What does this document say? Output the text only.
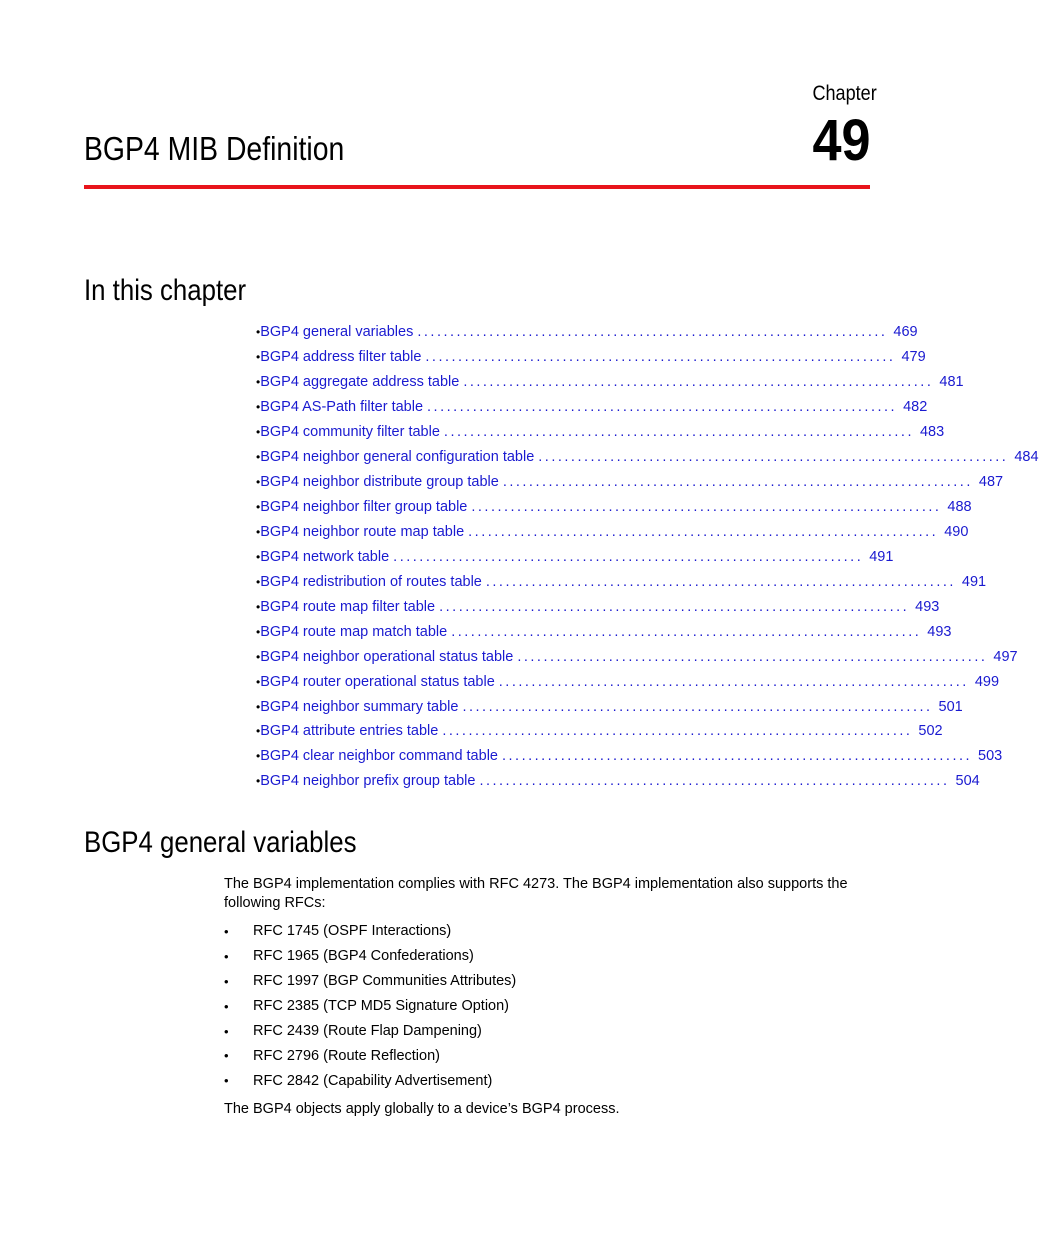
Chapter
49
BGP4 MIB Definition
In this chapter
• BGP4 general variables ........................................................................ 469
• BGP4 address filter table ........................................................................ 479
• BGP4 aggregate address table ........................................................................ 481
• BGP4 AS-Path filter table ........................................................................ 482
• BGP4 community filter table ........................................................................ 483
• BGP4 neighbor general configuration table ........................................................................ 484
• BGP4 neighbor distribute group table ........................................................................ 487
• BGP4 neighbor filter group table ........................................................................ 488
• BGP4 neighbor route map table ........................................................................ 490
• BGP4 network table ........................................................................ 491
• BGP4 redistribution of routes table ........................................................................ 491
• BGP4 route map filter table ........................................................................ 493
• BGP4 route map match table ........................................................................ 493
• BGP4 neighbor operational status table ........................................................................ 497
• BGP4 router operational status table ........................................................................ 499
• BGP4 neighbor summary table ........................................................................ 501
• BGP4 attribute entries table ........................................................................ 502
• BGP4 clear neighbor command table ........................................................................ 503
• BGP4 neighbor prefix group table ........................................................................ 504
BGP4 general variables

The BGP4 implementation complies with RFC 4273. The BGP4 implementation also supports the following RFCs:

•	RFC 1745 (OSPF Interactions)
•	RFC 1965 (BGP4 Confederations)
•	RFC 1997 (BGP Communities Attributes)
•	RFC 2385 (TCP MD5 Signature Option)
•	RFC 2439 (Route Flap Dampening)
•	RFC 2796 (Route Reflection)
•	RFC 2842 (Capability Advertisement)

The BGP4 objects apply globally to a device’s BGP4 process.
